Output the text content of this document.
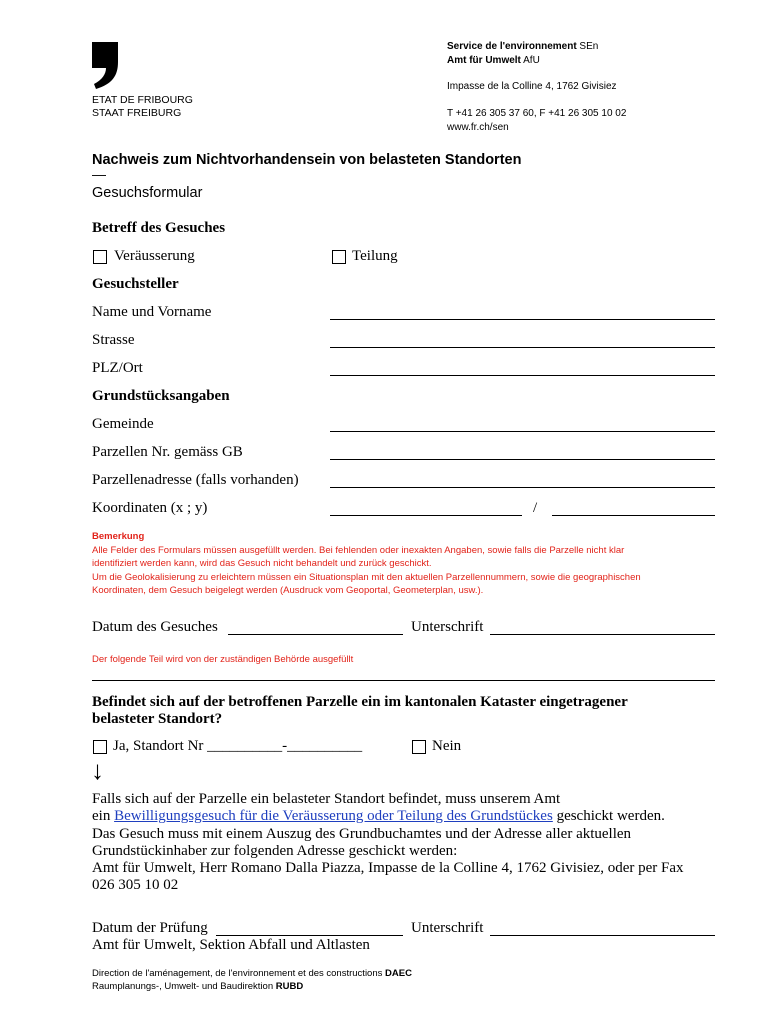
ETAT DE FRIBOURG
STAAT FREIBURG
Service de l'environnement SEn
Amt für Umwelt AfU
Impasse de la Colline 4, 1762 Givisiez
T +41 26 305 37 60, F +41 26 305 10 02
www.fr.ch/sen
Nachweis zum Nichtvorhandensein von belasteten Standorten
—
Gesuchsformular
Betreff des Gesuches
Veräusserung	Teilung
Gesuchsteller
Name und Vorname
Strasse
PLZ/Ort
Grundstücksangaben
Gemeinde
Parzellen Nr. gemäss GB
Parzellenadresse (falls vorhanden)
Koordinaten (x ; y)	/
Bemerkung
Alle Felder des Formulars müssen ausgefüllt werden. Bei fehlenden oder inexakten Angaben, sowie falls die Parzelle nicht klar
identifiziert werden kann, wird das Gesuch nicht behandelt und zurück geschickt.
Um die Geolokalisierung zu erleichtern müssen ein Situationsplan mit den aktuellen Parzellennummern, sowie die geographischen
Koordinaten, dem Gesuch beigelegt werden (Ausdruck vom Geoportal, Geometerplan, usw.).
Datum des Gesuches	Unterschrift
Der folgende Teil wird von der zuständigen Behörde ausgefüllt
Befindet sich auf der betroffenen Parzelle ein im kantonalen Kataster eingetragener
belasteter Standort?
Ja, Standort Nr __________-__________	Nein
↓
Falls sich auf der Parzelle ein belasteter Standort befindet, muss unserem Amt
ein Bewilligungsgesuch für die Veräusserung oder Teilung des Grundstückes geschickt werden.
Das Gesuch muss mit einem Auszug des Grundbuchamtes und der Adresse aller aktuellen
Grundstückinhaber zur folgenden Adresse geschickt werden:
Amt für Umwelt, Herr Romano Dalla Piazza, Impasse de la Colline 4, 1762 Givisiez, oder per Fax
026 305 10 02
Datum der Prüfung	Unterschrift
Amt für Umwelt, Sektion Abfall und Altlasten
Direction de l'aménagement, de l'environnement et des constructions DAEC
Raumplanungs-, Umwelt- und Baudirektion RUBD
